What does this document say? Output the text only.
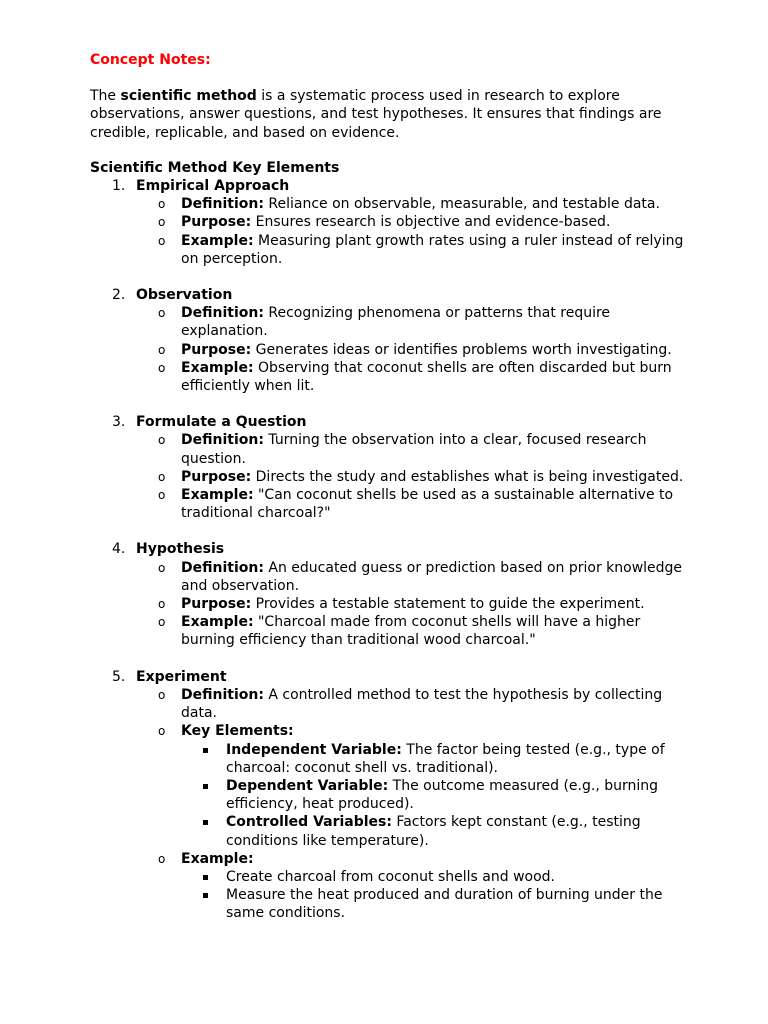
Concept Notes:

The scientific method is a systematic process used in research to explore observations, answer questions, and test hypotheses. It ensures that findings are credible, replicable, and based on evidence.

Scientific Method Key Elements

1. Empirical Approach
o Definition: Reliance on observable, measurable, and testable data.
o Purpose: Ensures research is objective and evidence-based.
o Example: Measuring plant growth rates using a ruler instead of relying on perception.
2. Observation
o Definition: Recognizing phenomena or patterns that require explanation.
o Purpose: Generates ideas or identifies problems worth investigating.
o Example: Observing that coconut shells are often discarded but burn efficiently when lit.
3. Formulate a Question
o Definition: Turning the observation into a clear, focused research question.
o Purpose: Directs the study and establishes what is being investigated.
o Example: "Can coconut shells be used as a sustainable alternative to traditional charcoal?"
4. Hypothesis
o Definition: An educated guess or prediction based on prior knowledge and observation.
o Purpose: Provides a testable statement to guide the experiment.
o Example: "Charcoal made from coconut shells will have a higher burning efficiency than traditional wood charcoal."
5. Experiment
o Definition: A controlled method to test the hypothesis by collecting data.
o Key Elements:
Independent Variable: The factor being tested (e.g., type of charcoal: coconut shell vs. traditional).
Dependent Variable: The outcome measured (e.g., burning efficiency, heat produced).
Controlled Variables: Factors kept constant (e.g., testing conditions like temperature).
o Example:
Create charcoal from coconut shells and wood.
Measure the heat produced and duration of burning under the same conditions.
